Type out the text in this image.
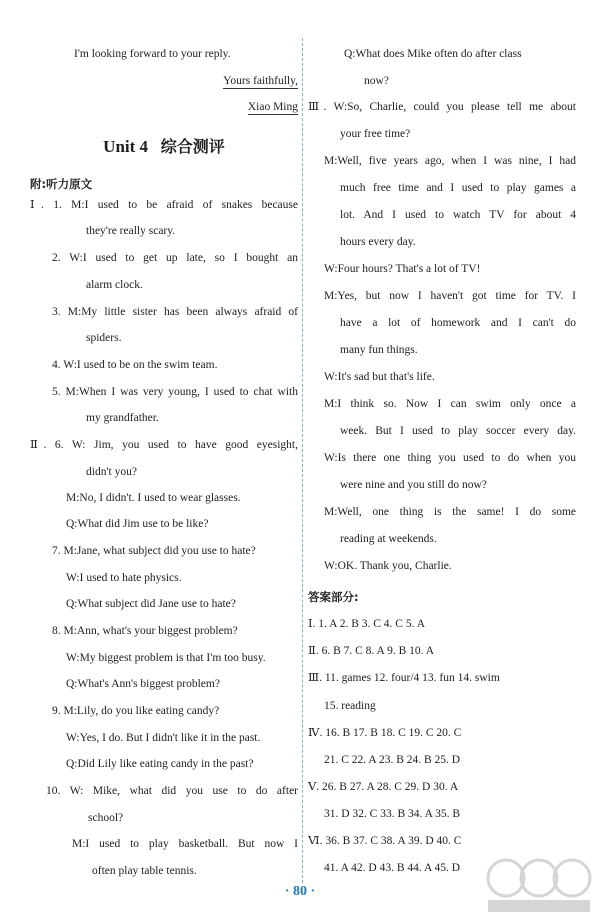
I'm looking forward to your reply.
Yours faithfully,
Xiao Ming
Unit 4 综合测评
附:听力原文
Ⅰ. 1. M:I used to be afraid of snakes because
they're really scary.
2. W:I used to get up late, so I bought an
alarm clock.
3. M:My little sister has been always afraid of
spiders.
4. W:I used to be on the swim team.
5. M:When I was very young, I used to chat with
my grandfather.
Ⅱ. 6. W: Jim, you used to have good eyesight,
didn't you?
M:No, I didn't. I used to wear glasses.
Q:What did Jim use to be like?
7. M:Jane, what subject did you use to hate?
W:I used to hate physics.
Q:What subject did Jane use to hate?
8. M:Ann, what's your biggest problem?
W:My biggest problem is that I'm too busy.
Q:What's Ann's biggest problem?
9. M:Lily, do you like eating candy?
W:Yes, I do. But I didn't like it in the past.
Q:Did Lily like eating candy in the past?
10. W: Mike, what did you use to do after
school?
M:I used to play basketball. But now I
often play table tennis.
Q:What does Mike often do after class
now?
Ⅲ. W:So, Charlie, could you please tell me about
your free time?
M:Well, five years ago, when I was nine, I had
much free time and I used to play games a
lot. And I used to watch TV for about 4
hours every day.
W:Four hours? That's a lot of TV!
M:Yes, but now I haven't got time for TV. I
have a lot of homework and I can't do
many fun things.
W:It's sad but that's life.
M:I think so. Now I can swim only once a
week. But I used to play soccer every day.
W:Is there one thing you used to do when you
were nine and you still do now?
M:Well, one thing is the same! I do some
reading at weekends.
W:OK. Thank you, Charlie.
答案部分:
Ⅰ. 1. A 2. B 3. C 4. C 5. A
Ⅱ. 6. B 7. C 8. A 9. B 10. A
Ⅲ. 11. games 12. four/4 13. fun 14. swim
15. reading
Ⅳ. 16. B 17. B 18. C 19. C 20. C
21. C 22. A 23. B 24. B 25. D
Ⅴ. 26. B 27. A 28. C 29. D 30. A
31. D 32. C 33. B 34. A 35. B
Ⅵ. 36. B 37. C 38. A 39. D 40. C
41. A 42. D 43. B 44. A 45. D
· 80 ·
